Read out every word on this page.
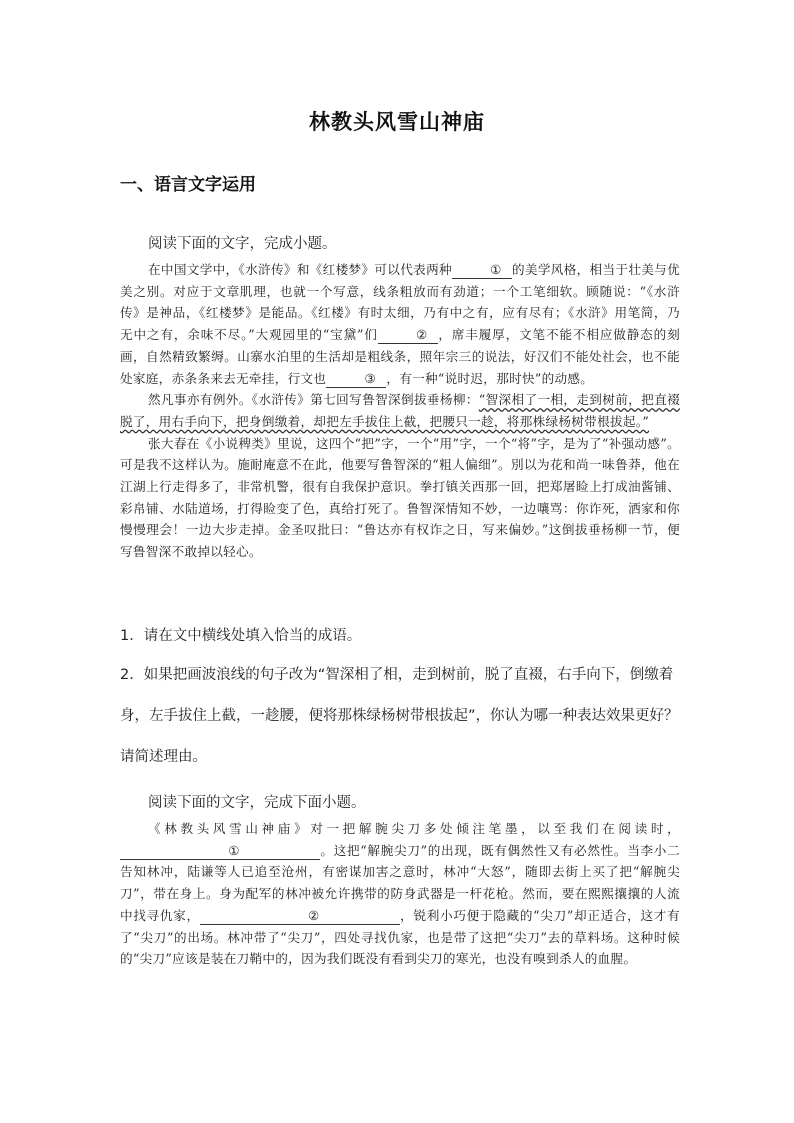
林教头风雪山神庙
一、语言文字运用
阅读下面的文字，完成小题。

在中国文学中，《水浒传》和《红楼梦》可以代表两种	① 的美学风格，相当于壮美与优美之别。对应于文章肌理，也就一个写意，线条粗放而有劲道；一个工笔细软。顾随说：“《水浒传》是神品，《红楼梦》是能品。《红楼》有时太细，乃有中之有，应有尽有；《水浒》用笔简，乃无中之有，余味不尽。”大观园里的“宝黛”们	② ，席丰履厚，文笔不能不相应做静态的刻画，自然精致繁缛。山寨水泊里的生活却是粗线条，照年宗三的说法，好汉们不能处社会，也不能处家庭，赤条条来去无牵挂，行文也	③ ，有一种“说时迟，那时快”的动感。

然凡事亦有例外。《水浒传》第七回写鲁智深倒拔垂杨柳：“智深相了一相，走到树前，把直裰脱了，用右手向下，把身倒缴着，却把左手拔住上截，把腰只一趁，将那株绿杨树带根拔起。”

张大春在《小说稗类》里说，这四个“把”字，一个“用”字，一个“将”字，是为了“补强动感”。可是我不这样认为。施耐庵意不在此，他要写鲁智深的“粗人偏细”。別以为花和尚一味鲁莽，他在江湖上行走得多了，非常机警，很有自我保护意识。拳打镇关西那一回，把郑屠睑上打成油酱铺、彩帛铺、水陆道场，打得睑变了色，真给打死了。鲁智深情知不妙，一边嚷骂：你诈死，洒家和你慢慢理会！一边大步走掉。金圣叹批曰：“鲁达亦有权诈之日，写来偏妙。”这倒拔垂杨柳一节，便写鲁智深不敢掉以轻心。

1．请在文中横线处填入恰当的成语。
2．如果把画波浪线的句子改为“智深相了相，走到树前，脱了直裰，右手向下，倒缴着身，左手拔住上截，一趁腰，便将那株绿杨树带根拔起”，你认为哪一种表达效果更好？请简述理由。
阅读下面的文字，完成下面小题。

《林教头风雪山神庙》对一把解腕尖刀多处倾注笔墨，以至我们在阅读时，①	。这把“解腕尖刀”的出现，既有偶然性又有必然性。当李小二告知林冲，陆谦等人已追至沧州，有密谋加害之意时，林冲“大怒”，随即去街上买了把“解腕尖刀”，带在身上。身为配军的林冲被允许携带的防身武器是一杆花枪。然而，要在熙熙攘攘的人流中找寻仇家，	②	，锐利小巧便于隐藏的“尖刀”却正适合，这才有了“尖刀”的出场。林冲带了“尖刀”，四处寻找仇家，也是带了这把“尖刀”去的草料场。这种时候的“尖刀”应该是装在刀鞘中的，因为我们既没有看到尖刀的寒光，也没有嗅到杀人的血腥。
